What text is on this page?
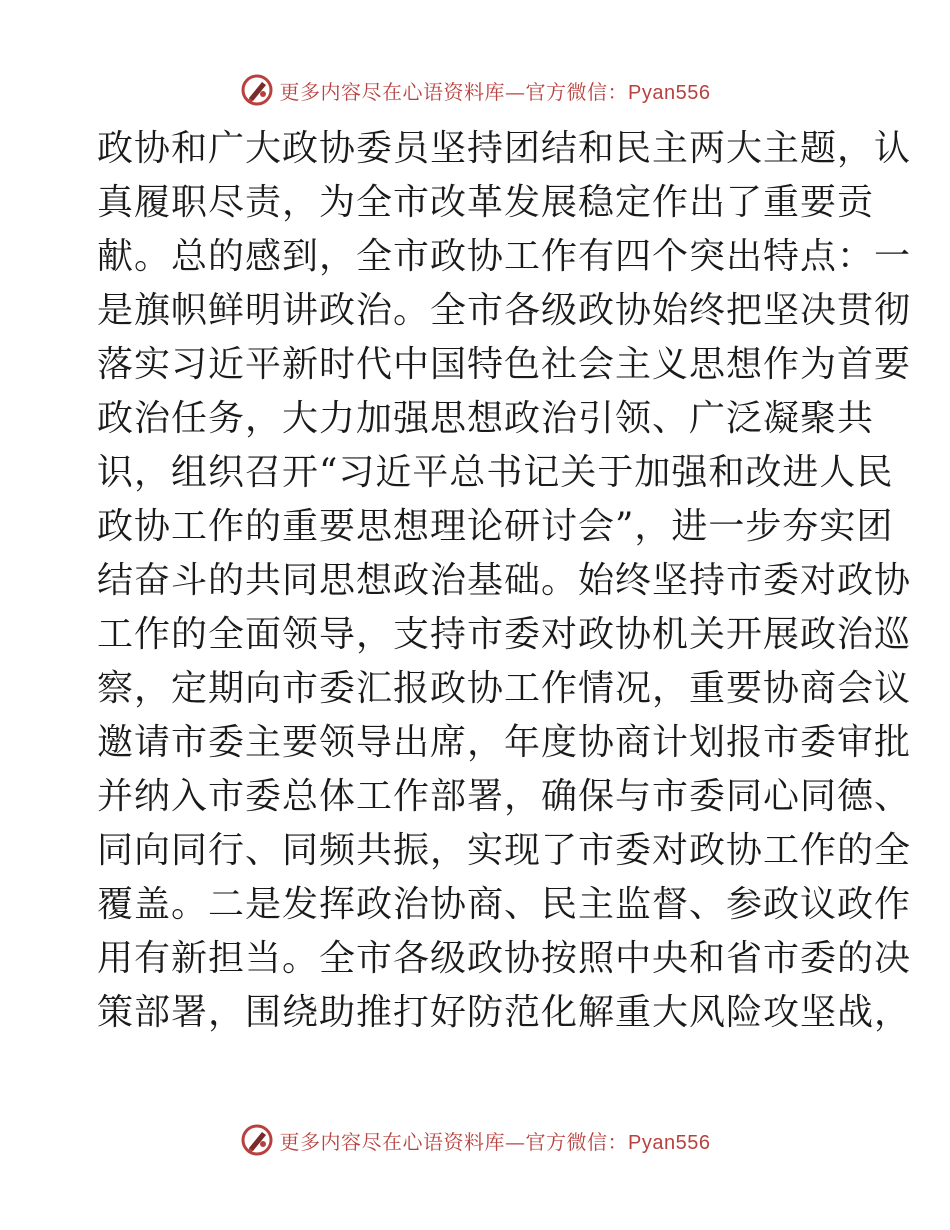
更多内容尽在心语资料库—官方微信：Pyan556
政协和广大政协委员坚持团结和民主两大主题，认
真履职尽责，为全市改革发展稳定作出了重要贡
献。总的感到，全市政协工作有四个突出特点：一
是旗帜鲜明讲政治。全市各级政协始终把坚决贯彻
落实习近平新时代中国特色社会主义思想作为首要
政治任务，大力加强思想政治引领、广泛凝聚共
识，组织召开“习近平总书记关于加强和改进人民
政协工作的重要思想理论研讨会”，进一步夯实团
结奋斗的共同思想政治基础。始终坚持市委对政协
工作的全面领导，支持市委对政协机关开展政治巡
察，定期向市委汇报政协工作情况，重要协商会议
邀请市委主要领导出席，年度协商计划报市委审批
并纳入市委总体工作部署，确保与市委同心同德、
同向同行、同频共振，实现了市委对政协工作的全
覆盖。二是发挥政治协商、民主监督、参政议政作
用有新担当。全市各级政协按照中央和省市委的决
策部署，围绕助推打好防范化解重大风险攻坚战，
更多内容尽在心语资料库—官方微信：Pyan556
